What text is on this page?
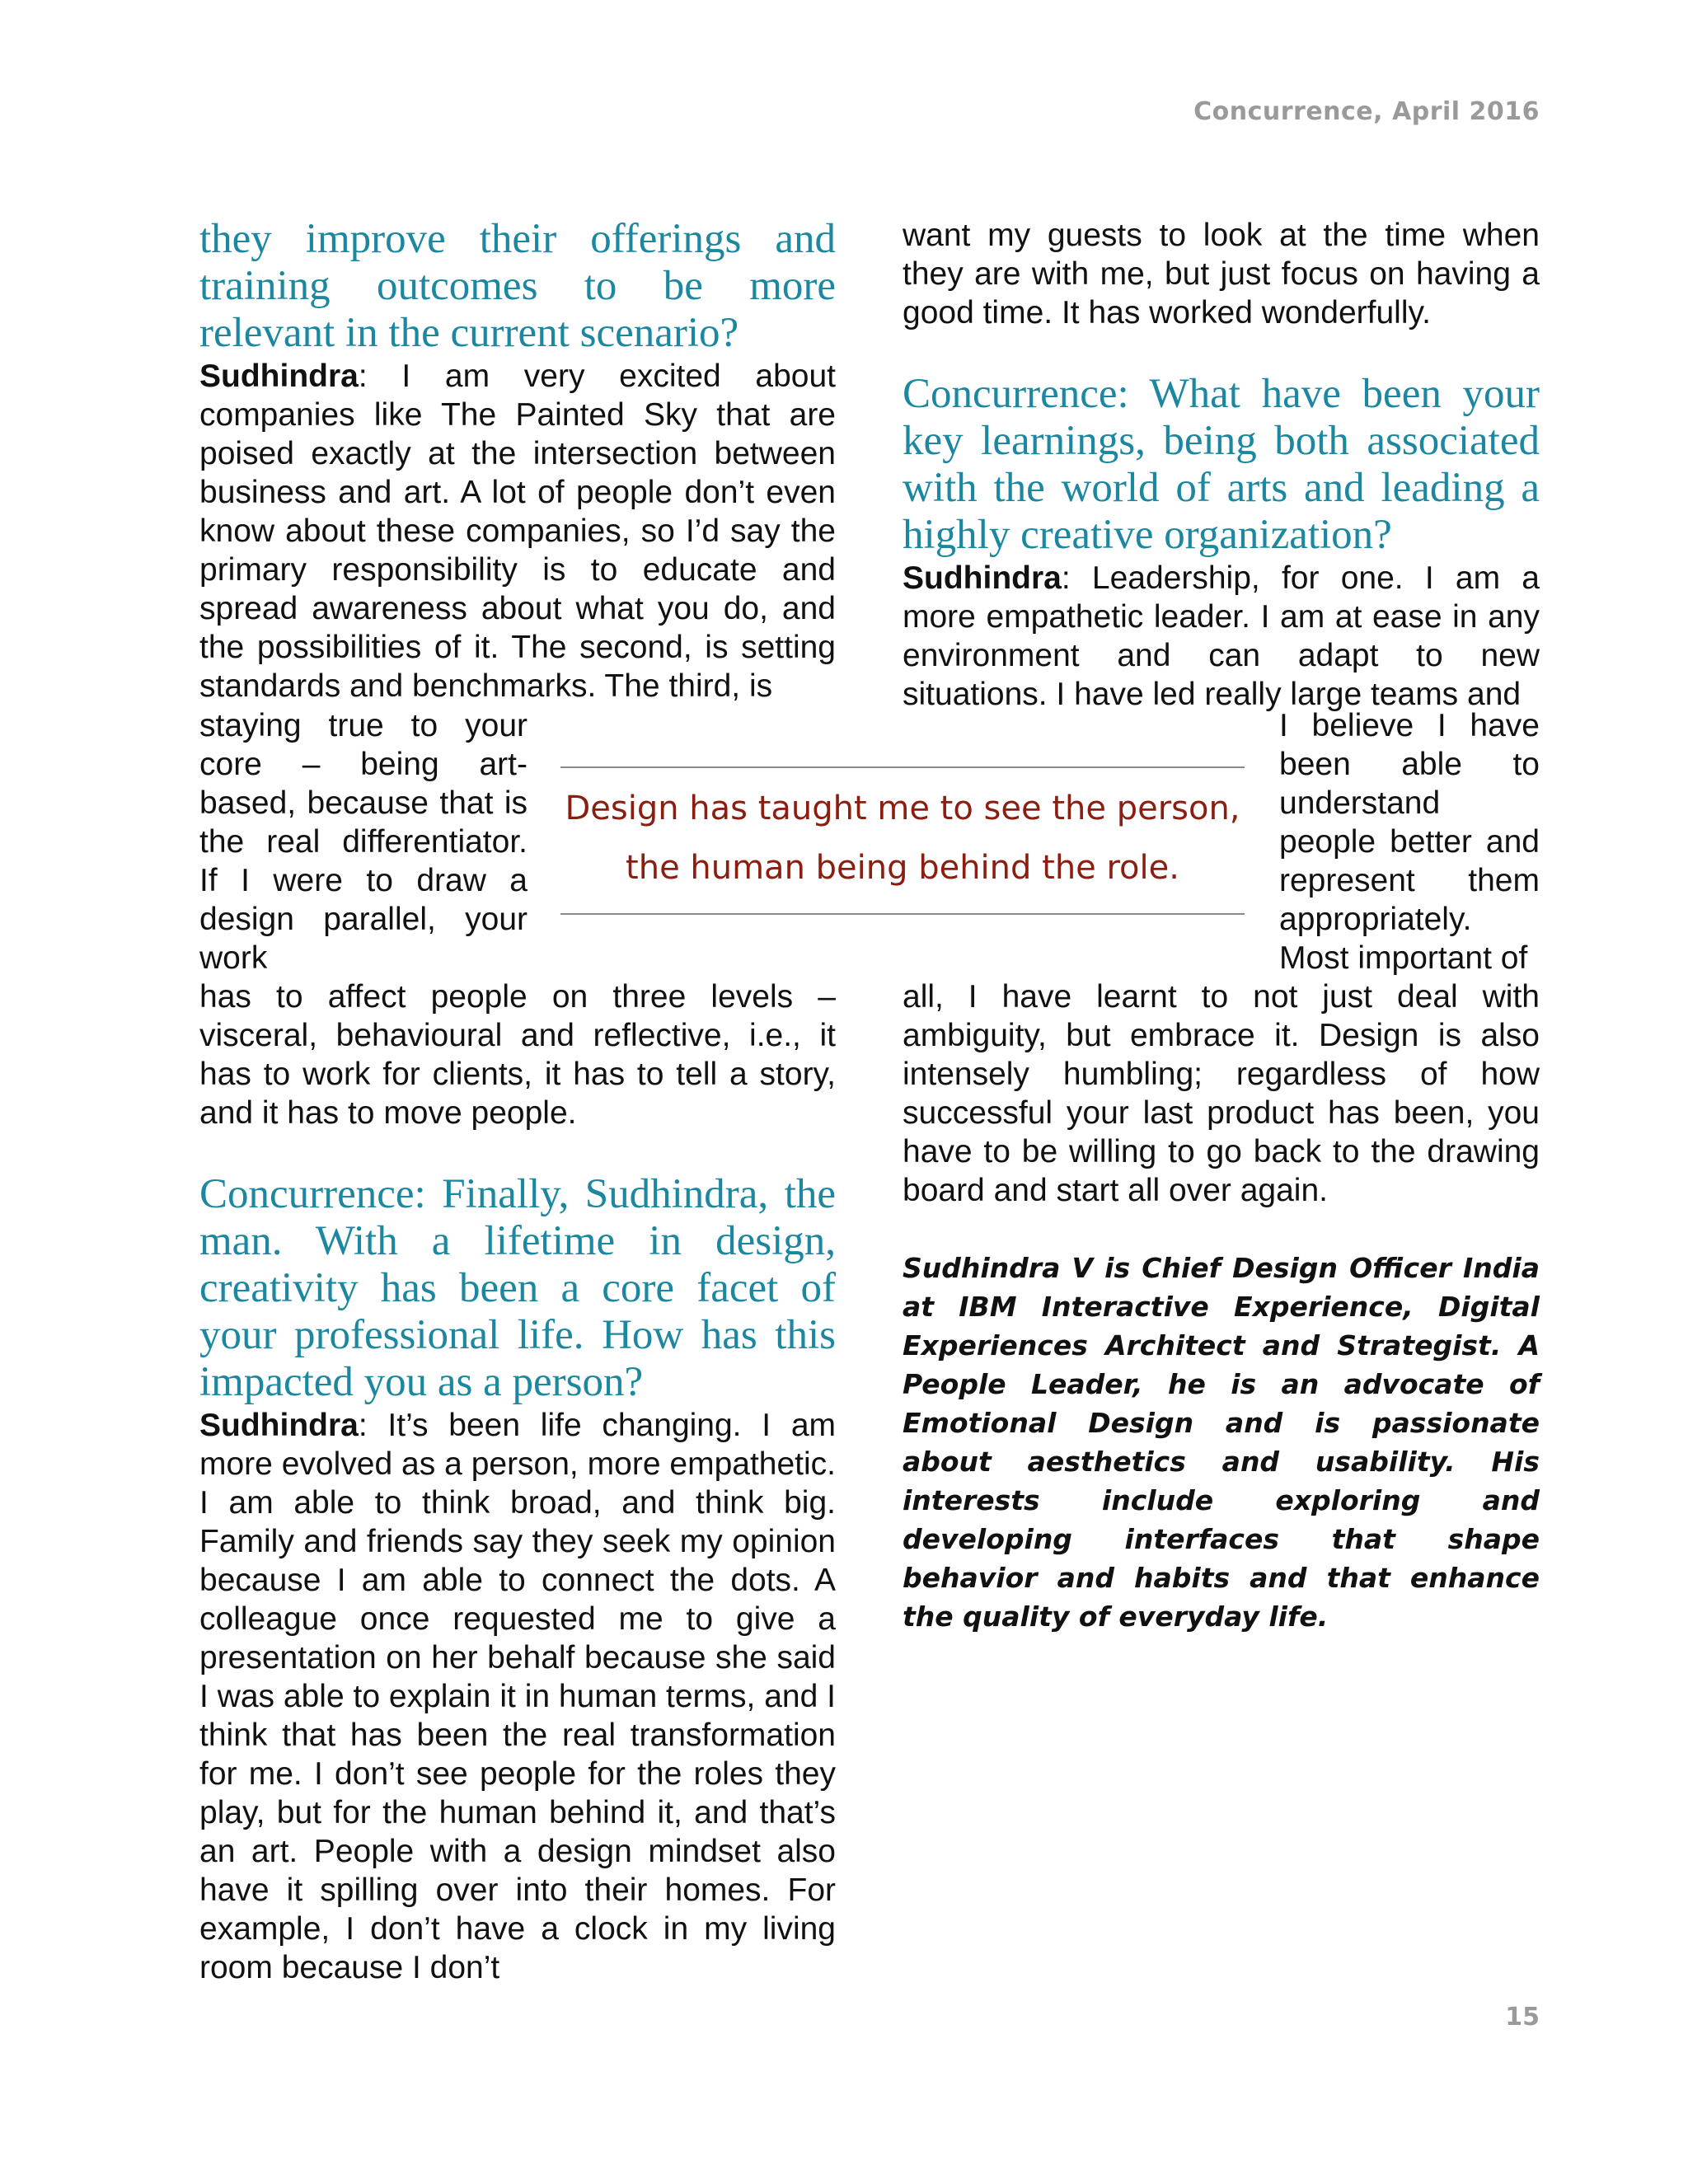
Concurrence, April 2016

they improve their offerings and training outcomes to be more relevant in the current scenario?

Sudhindra: I am very excited about companies like The Painted Sky that are poised exactly at the intersection between business and art. A lot of people don’t even know about these companies, so I’d say the primary responsibility is to educate and spread awareness about what you do, and the possibilities of it. The second, is setting standards and benchmarks. The third, is

staying true to your core – being art-based, because that is the real differentiator. If I were to draw a design parallel, your work

has to affect people on three levels – visceral, behavioural and reflective, i.e., it has to work for clients, it has to tell a story, and it has to move people.

Concurrence: Finally, Sudhindra, the man. With a lifetime in design, creativity has been a core facet of your professional life. How has this impacted you as a person?

Sudhindra: It’s been life changing. I am more evolved as a person, more empathetic. I am able to think broad, and think big. Family and friends say they seek my opinion because I am able to connect the dots. A colleague once requested me to give a presentation on her behalf because she said I was able to explain it in human terms, and I think that has been the real transformation for me. I don’t see people for the roles they play, but for the human behind it, and that’s an art. People with a design mindset also have it spilling over into their homes. For example, I don’t have a clock in my living room because I don’t

want my guests to look at the time when they are with me, but just focus on having a good time. It has worked wonderfully.

Concurrence: What have been your key learnings, being both associated with the world of arts and leading a highly creative organization?

Sudhindra: Leadership, for one. I am a more empathetic leader. I am at ease in any environment and can adapt to new situations. I have led really large teams and

I believe I have been able to understand people better and represent them appropriately. Most important of

all, I have learnt to not just deal with ambiguity, but embrace it. Design is also intensely humbling; regardless of how successful your last product has been, you have to be willing to go back to the drawing board and start all over again.

Sudhindra V is Chief Design Officer India at IBM Interactive Experience, Digital Experiences Architect and Strategist. A People Leader, he is an advocate of Emotional Design and is passionate about aesthetics and usability. His interests include exploring and developing interfaces that shape behavior and habits and that enhance the quality of everyday life.

Design has taught me to see the person,
the human being behind the role.
15
